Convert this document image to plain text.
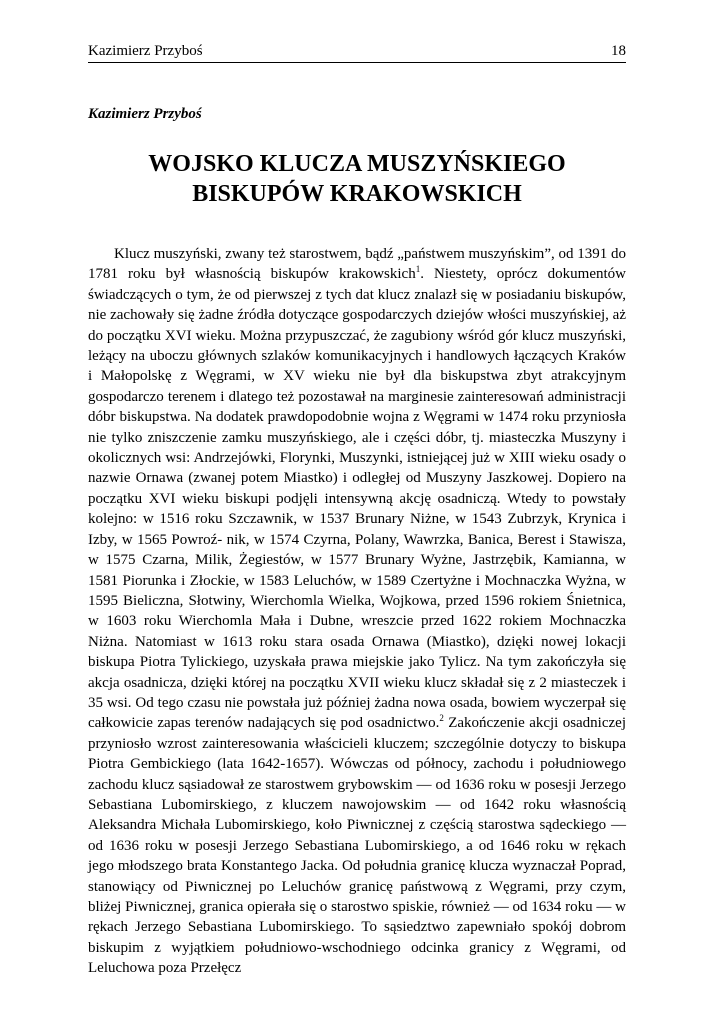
Kazimierz Przyboś	18
Kazimierz Przyboś
WOJSKO KLUCZA MUSZYŃSKIEGO
BISKUPÓW KRAKOWSKICH

Klucz muszyński, zwany też starostwem, bądź „państwem muszyńskim”, od 1391 do 1781 roku był własnością biskupów krakowskich$^1$. Niestety, oprócz dokumentów świadczących o tym, że od pierwszej z tych dat klucz znalazł się w posiadaniu biskupów, nie zachowały się żadne źródła dotyczące gospodarczych dziejów włości muszyńskiej, aż do początku XVI wieku. Można przypuszczać, że zagubiony wśród gór klucz muszyński, leżący na uboczu głównych szlaków komunikacyjnych i handlowych łączących Kraków i Małopolskę z Węgrami, w XV wieku nie był dla biskupstwa zbyt atrakcyjnym gospodarczo terenem i dlatego też pozostawał na marginesie zainteresowań administracji dóbr biskupstwa. Na dodatek prawdopodobnie wojna z Węgrami w 1474 roku przyniosła nie tylko zniszczenie zamku muszyńskiego, ale i części dóbr, tj. miasteczka Muszyny i okolicznych wsi: Andrzejówki, Florynki, Muszynki, istniejącej już w XIII wieku osady o nazwie Ornawa (zwanej potem Miastko) i odległej od Muszyny Jaszkowej. Dopiero na początku XVI wieku biskupi podjęli intensywną akcję osadniczą. Wtedy to powstały kolejno: w 1516 roku Szczawnik, w 1537 Brunary Niżne, w 1543 Zubrzyk, Krynica i Izby, w 1565 Powroź- nik, w 1574 Czyrna, Polany, Wawrzka, Banica, Berest i Stawisza, w 1575 Czarna, Milik, Żegiestów, w 1577 Brunary Wyżne, Jastrzębik, Kamianna, w 1581 Piorunka i Złockie, w 1583 Leluchów, w 1589 Czertyżne i Mochnaczka Wyżna, w 1595 Bieliczna, Słotwiny, Wierchomla Wielka, Wojkowa, przed 1596 rokiem Śnietnica, w 1603 roku Wierchomla Mała i Dubne, wreszcie przed 1622 rokiem Mochnaczka Niżna. Natomiast w 1613 roku stara osada Ornawa (Miastko), dzięki nowej lokacji biskupa Piotra Tylickiego, uzyskała prawa miejskie jako Tylicz. Na tym zakończyła się akcja osadnicza, dzięki której na początku XVII wieku klucz składał się z 2 miasteczek i 35 wsi. Od tego czasu nie powstała już później żadna nowa osada, bowiem wyczerpał się całkowicie zapas terenów nadających się pod osadnictwo.$^2$ Zakończenie akcji osadniczej przyniosło wzrost zainteresowania właścicieli kluczem; szczególnie dotyczy to biskupa Piotra Gembickiego (lata 1642-1657). Wówczas od północy, zachodu i południowego zachodu klucz sąsiadował ze starostwem grybowskim — od 1636 roku w posesji Jerzego Sebastiana Lubomirskiego, z kluczem nawojowskim — od 1642 roku własnością Aleksandra Michała Lubomirskiego, koło Piwnicznej z częścią starostwa sądeckiego — od 1636 roku w posesji Jerzego Sebastiana Lubomirskiego, a od 1646 roku w rękach jego młodszego brata Konstantego Jacka. Od południa granicę klucza wyznaczał Poprad, stanowiący od Piwnicznej po Leluchów granicę państwową z Węgrami, przy czym, bliżej Piwnicznej, granica opierała się o starostwo spiskie, również — od 1634 roku — w rękach Jerzego Sebastiana Lubomirskiego. To sąsiedztwo zapewniało spokój dobrom biskupim z wyjątkiem południowo-wschodniego odcinka granicy z Węgrami, od Leluchowa poza Przełęcz
